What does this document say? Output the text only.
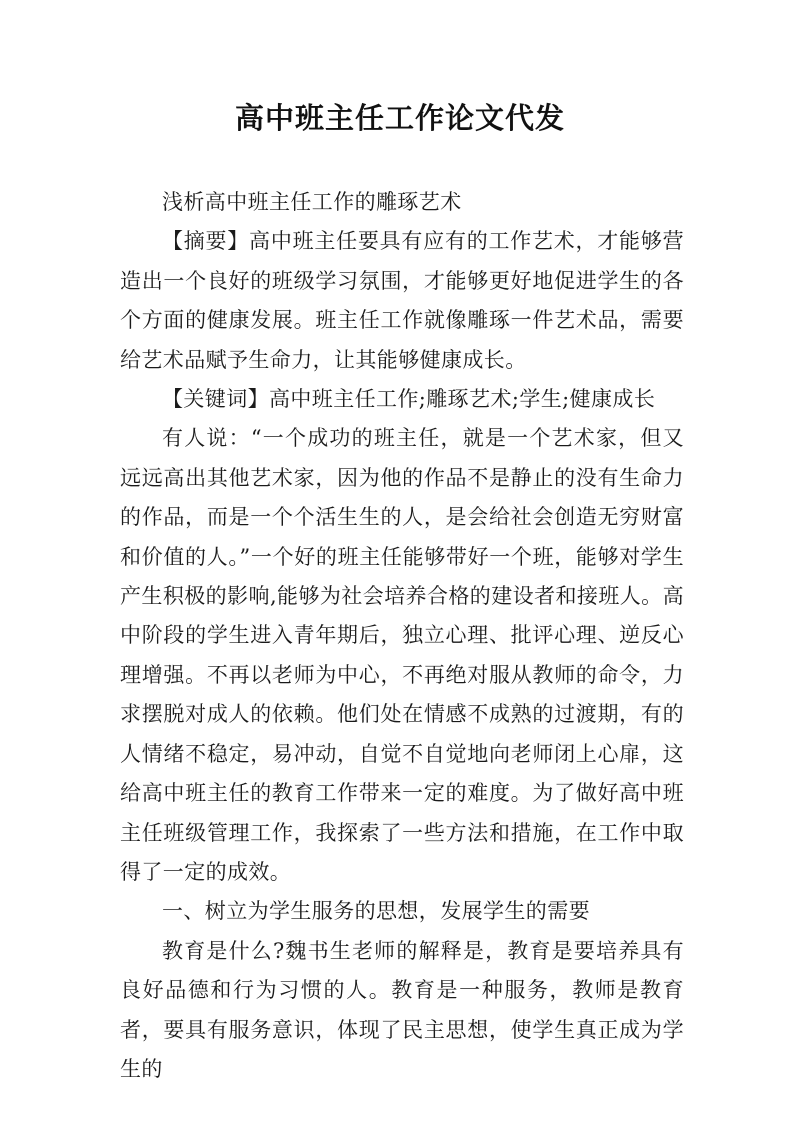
高中班主任工作论文代发

浅析高中班主任工作的雕琢艺术

【摘要】高中班主任要具有应有的工作艺术，才能够营造出一个良好的班级学习氛围，才能够更好地促进学生的各个方面的健康发展。班主任工作就像雕琢一件艺术品，需要给艺术品赋予生命力，让其能够健康成长。

【关键词】高中班主任工作;雕琢艺术;学生;健康成长

有人说：“一个成功的班主任，就是一个艺术家，但又远远高出其他艺术家，因为他的作品不是静止的没有生命力的作品，而是一个个活生生的人，是会给社会创造无穷财富和价值的人。”一个好的班主任能够带好一个班，能够对学生产生积极的影响,能够为社会培养合格的建设者和接班人。高中阶段的学生进入青年期后，独立心理、批评心理、逆反心理增强。不再以老师为中心，不再绝对服从教师的命令，力求摆脱对成人的依赖。他们处在情感不成熟的过渡期，有的人情绪不稳定，易冲动，自觉不自觉地向老师闭上心扉，这给高中班主任的教育工作带来一定的难度。为了做好高中班主任班级管理工作，我探索了一些方法和措施，在工作中取得了一定的成效。

一、树立为学生服务的思想，发展学生的需要

教育是什么?魏书生老师的解释是，教育是要培养具有良好品德和行为习惯的人。教育是一种服务，教师是教育者，要具有服务意识，体现了民主思想，使学生真正成为学生的
